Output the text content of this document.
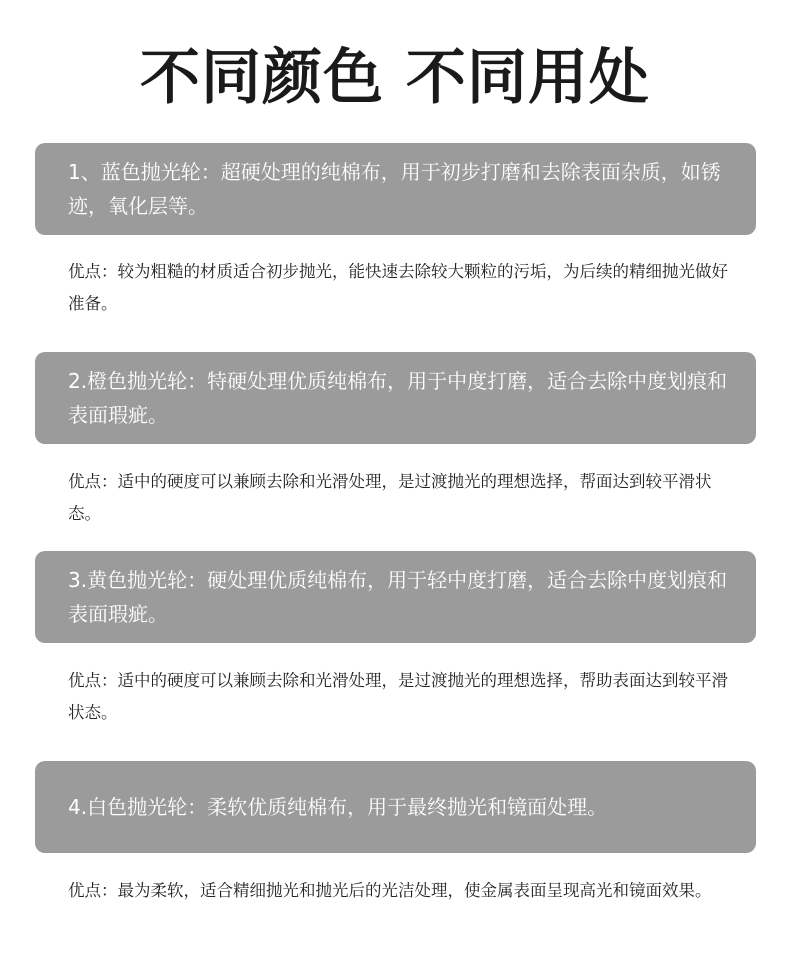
不同颜色 不同用处
1、蓝色抛光轮：超硬处理的纯棉布，用于初步打磨和去除表面杂质，如锈迹，氧化层等。
优点：较为粗糙的材质适合初步抛光，能快速去除较大颗粒的污垢，为后续的精细抛光做好准备。
2.橙色抛光轮：特硬处理优质纯棉布，用于中度打磨，适合去除中度划痕和表面瑕疵。
优点：适中的硬度可以兼顾去除和光滑处理，是过渡抛光的理想选择，帮面达到较平滑状态。
3.黄色抛光轮：硬处理优质纯棉布，用于轻中度打磨，适合去除中度划痕和表面瑕疵。
优点：适中的硬度可以兼顾去除和光滑处理，是过渡抛光的理想选择，帮助表面达到较平滑状态。
4.白色抛光轮：柔软优质纯棉布，用于最终抛光和镜面处理。
优点：最为柔软，适合精细抛光和抛光后的光洁处理，使金属表面呈现高光和镜面效果。
